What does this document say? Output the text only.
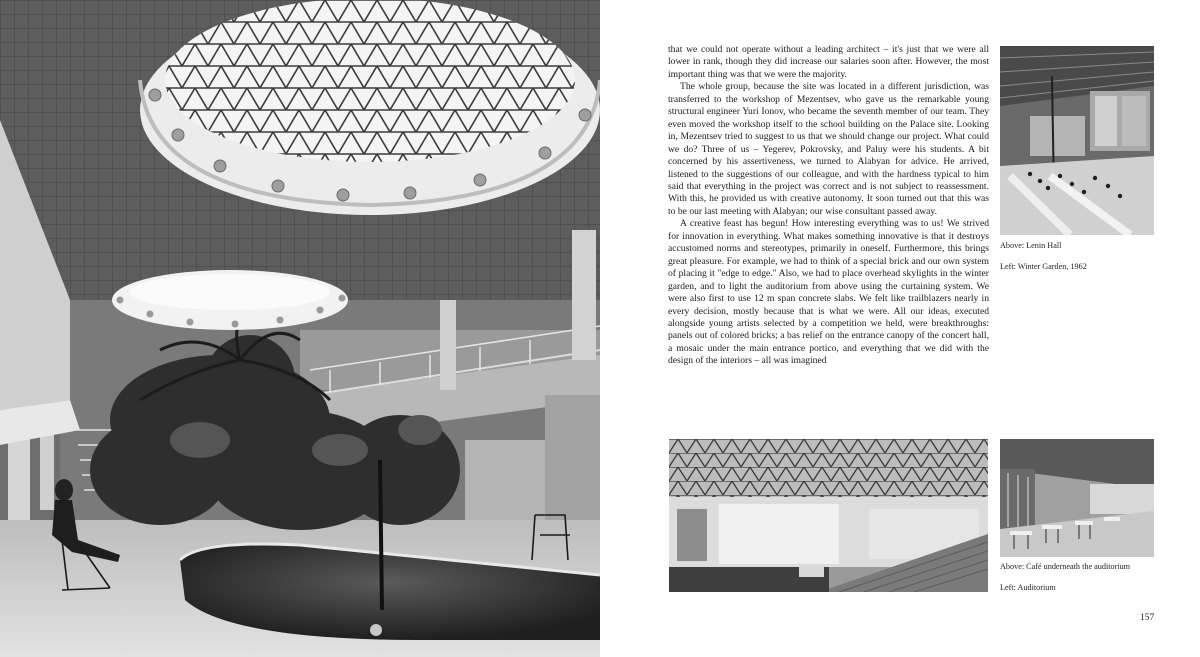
that we could not operate without a leading architect – it's just that we were all lower in rank, though they did increase our salaries soon after. However, the most important thing was that we were the majority.

The whole group, because the site was located in a different jurisdiction, was transferred to the workshop of Mezentsev, who gave us the remarkable young structural engineer Yuri Ionov, who became the seventh member of our team. They even moved the workshop itself to the school building on the Palace site. Looking in, Mezentsev tried to suggest to us that we should change our project. What could we do? Three of us – Yegerev, Pokrovsky, and Paluy were his students. A bit concerned by his assertiveness, we turned to Alabyan for advice. He arrived, listened to the suggestions of our colleague, and with the hardness typical to him said that everything in the project was correct and is not subject to reassessment. With this, he provided us with creative autonomy. It soon turned out that this was to be our last meeting with Alabyan; our wise consultant passed away.

A creative feast has begun! How interesting everything was to us! We strived for innovation in everything. What makes something innovative is that it destroys accustomed norms and stereotypes, primarily in oneself. Furthermore, this brings great pleasure. For example, we had to think of a special brick and our own system of placing it "edge to edge." Also, we had to place overhead skylights in the winter garden, and to light the auditorium from above using the curtaining system. We were also first to use 12 m span concrete slabs. We felt like trailblazers nearly in every decision, mostly because that is what we were. All our ideas, executed alongside young artists selected by a competition we held, were breakthroughs: panels out of colored bricks; a bas relief on the entrance canopy of the concert hall, a mosaic under the main entrance portico, and everything that we did with the design of the interiors – all was imagined

Above: Lenin Hall
Left: Winter Garden, 1962
Above: Café underneath the auditorium
Left: Auditorium
157
